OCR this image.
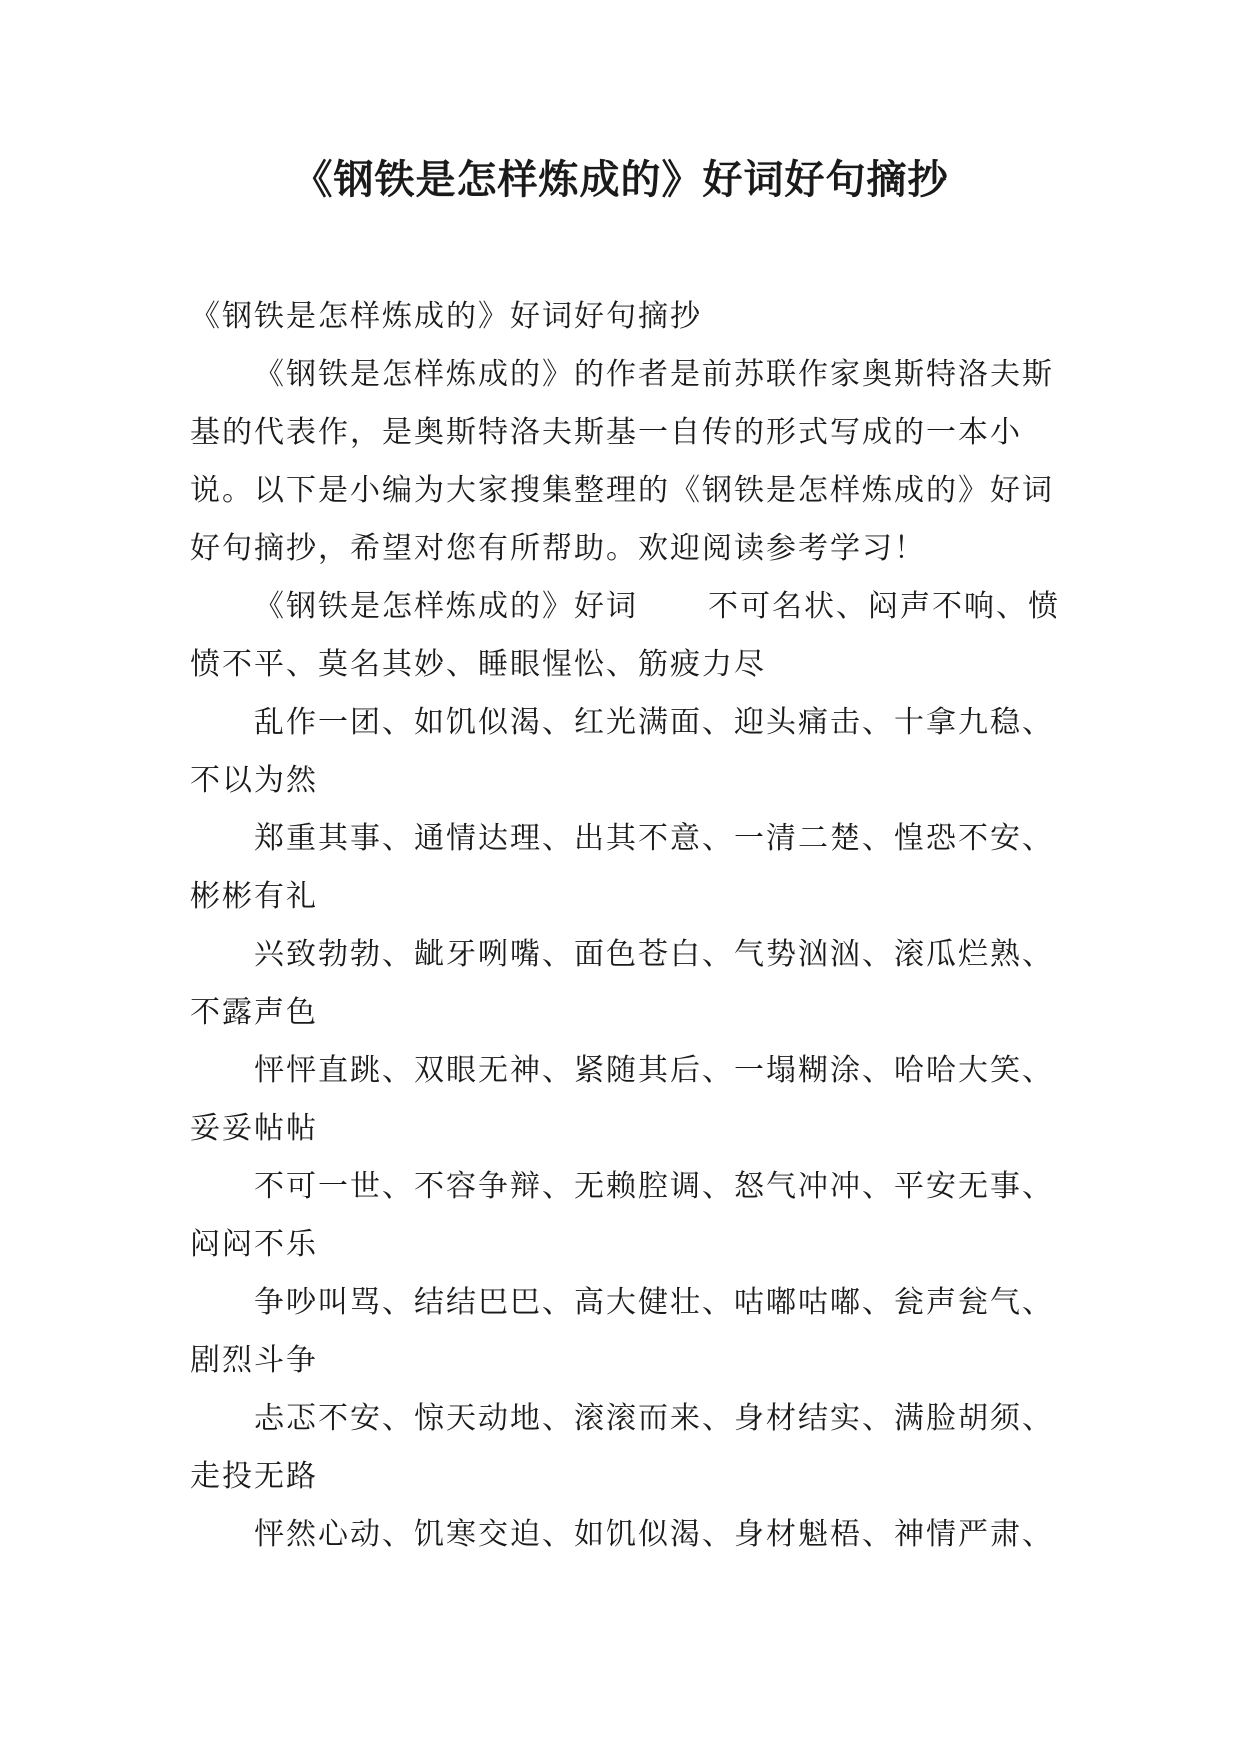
《钢铁是怎样炼成的》好词好句摘抄

《钢铁是怎样炼成的》好词好句摘抄

《钢铁是怎样炼成的》的作者是前苏联作家奥斯特洛夫斯基的代表作，是奥斯特洛夫斯基一自传的形式写成的一本小说。以下是小编为大家搜集整理的《钢铁是怎样炼成的》好词好句摘抄，希望对您有所帮助。欢迎阅读参考学习！

《钢铁是怎样炼成的》好词 不可名状、闷声不响、愤愤不平、莫名其妙、睡眼惺忪、筋疲力尽

乱作一团、如饥似渴、红光满面、迎头痛击、十拿九稳、不以为然

郑重其事、通情达理、出其不意、一清二楚、惶恐不安、彬彬有礼

兴致勃勃、龇牙咧嘴、面色苍白、气势汹汹、滚瓜烂熟、不露声色

怦怦直跳、双眼无神、紧随其后、一塌糊涂、哈哈大笑、妥妥帖帖

不可一世、不容争辩、无赖腔调、怒气冲冲、平安无事、闷闷不乐

争吵叫骂、结结巴巴、高大健壮、咕嘟咕嘟、瓮声瓮气、剧烈斗争

忐忑不安、惊天动地、滚滚而来、身材结实、满脸胡须、走投无路

怦然心动、饥寒交迫、如饥似渴、身材魁梧、神情严肃、
